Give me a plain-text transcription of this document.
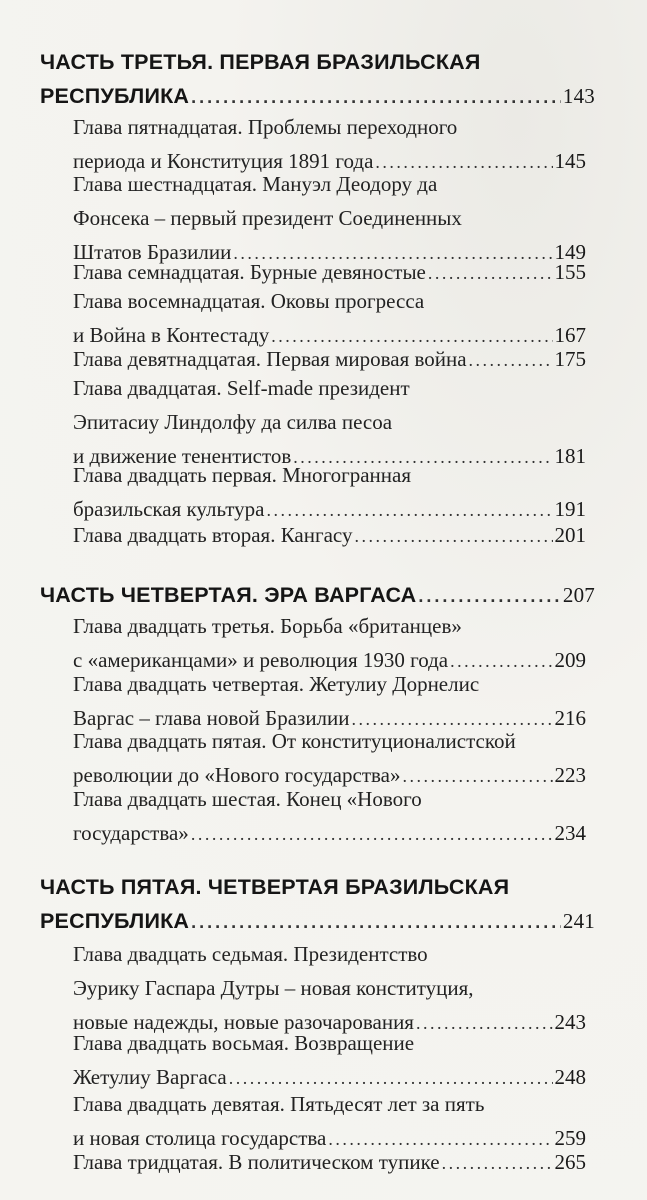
ЧАСТЬ ТРЕТЬЯ. ПЕРВАЯ БРАЗИЛЬСКАЯ
РЕСПУБЛИКА . . .	143
Глава пятнадцатая. Проблемы переходного
периода и Конституция 1891 года . . .	145
Глава шестнадцатая. Мануэл Деодору да
Фонсека – первый президент Соединенных
Штатов Бразилии . . .	149
Глава семнадцатая. Бурные девяностые . . .	155
Глава восемнадцатая. Оковы прогресса
и Война в Контестаду . . .	167
Глава девятнадцатая. Первая мировая война . . .	175
Глава двадцатая. Self-made президент
Эпитасиу Линдолфу да силва песоа
и движение тенентистов . . .	181
Глава двадцать первая. Многогранная
бразильская культура . . .	191
Глава двадцать вторая. Кангасу . . .	201
ЧАСТЬ ЧЕТВЕРТАЯ. ЭРА ВАРГАСА . . .	207
Глава двадцать третья. Борьба «британцев»
с «американцами» и революция 1930 года . . .	209
Глава двадцать четвертая. Жетулиу Дорнелис
Варгас – глава новой Бразилии . . .	216
Глава двадцать пятая. От конституционалистской
революции до «Нового государства» . . .	223
Глава двадцать шестая. Конец «Нового
государства» . . .	234
ЧАСТЬ ПЯТАЯ. ЧЕТВЕРТАЯ БРАЗИЛЬСКАЯ
РЕСПУБЛИКА . . .	241
Глава двадцать седьмая. Президентство
Эурику Гаспара Дутры – новая конституция,
новые надежды, новые разочарования . . .	243
Глава двадцать восьмая. Возвращение
Жетулиу Варгаса . . .	248
Глава двадцать девятая. Пятьдесят лет за пять
и новая столица государства . . .	259
Глава тридцатая. В политическом тупике . . .	265
